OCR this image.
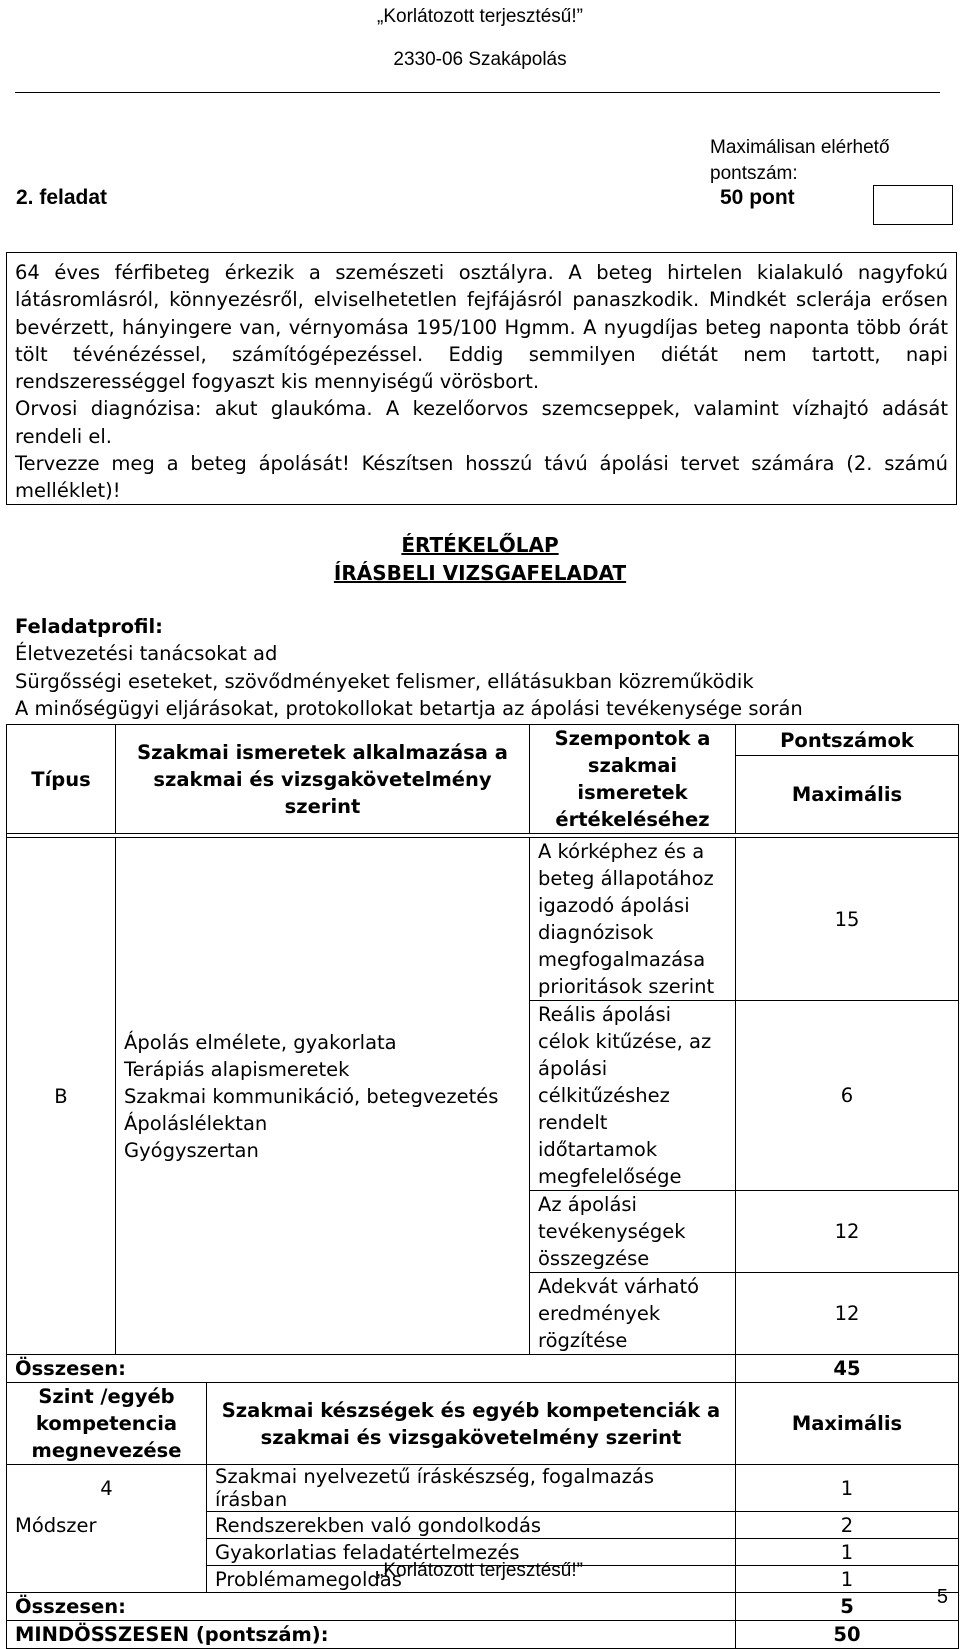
„Korlátozott terjesztésű!”
2330-06 Szakápolás
Maximálisan elérhető
pontszám:
2. feladat	50 pont

64 éves férfibeteg érkezik a szemészeti osztályra. A beteg hirtelen kialakuló nagyfokú látásromlásról, könnyezésről, elviselhetetlen fejfájásról panaszkodik. Mindkét sclerája erősen bevérzett, hányingere van, vérnyomása 195/100 Hgmm. A nyugdíjas beteg naponta több órát tölt tévénézéssel, számítógépezéssel. Eddig semmilyen diétát nem tartott, napi rendszerességgel fogyaszt kis mennyiségű vörösbort.

Orvosi diagnózisa: akut glaukóma. A kezelőorvos szemcseppek, valamint vízhajtó adását rendeli el.

Tervezze meg a beteg ápolását! Készítsen hosszú távú ápolási tervet számára (2. számú melléklet)!

ÉRTÉKELŐLAP
ÍRÁSBELI VIZSGAFELADAT
Feladatprofil:
Életvezetési tanácsokat ad
Sürgősségi eseteket, szövődményeket felismer, ellátásukban közreműködik
A minőségügyi eljárásokat, protokollokat betartja az ápolási tevékenysége során
Típus	Szakmai ismeretek alkalmazása a szakmai és vizsgakövetelmény szerint		Szempontok a szakmai ismeretek értékeléséhez	Pontszámok
				Maximális

B	Ápolás elmélete, gyakorlata
Terápiás alapismeretek
Szakmai kommunikáció, betegvezetés
Ápoláslélektan
Gyógyszertan		A kórképhez és a beteg állapotához igazodó ápolási diagnózisok megfogalmazása prioritások szerint	15
			Reális ápolási célok kitűzése, az ápolási célkitűzéshez rendelt időtartamok megfelelősége	6
			Az ápolási tevékenységek összegzése	12
			Adekvát várható eredmények rögzítése	12
Összesen:				45
Szint /egyéb kompetencia megnevezése		Szakmai készségek és egyéb kompetenciák a szakmai és vizsgakövetelmény szerint		Maximális
4		Szakmai nyelvezetű íráskészség, fogalmazás írásban		1
Módszer		Rendszerekben való gondolkodás		2
		Gyakorlatias feladatértelmezés		1
		Problémamegoldás		1
Összesen:				5
MINDÖSSZESEN (pontszám):				50
„Korlátozott terjesztésű!”
5
